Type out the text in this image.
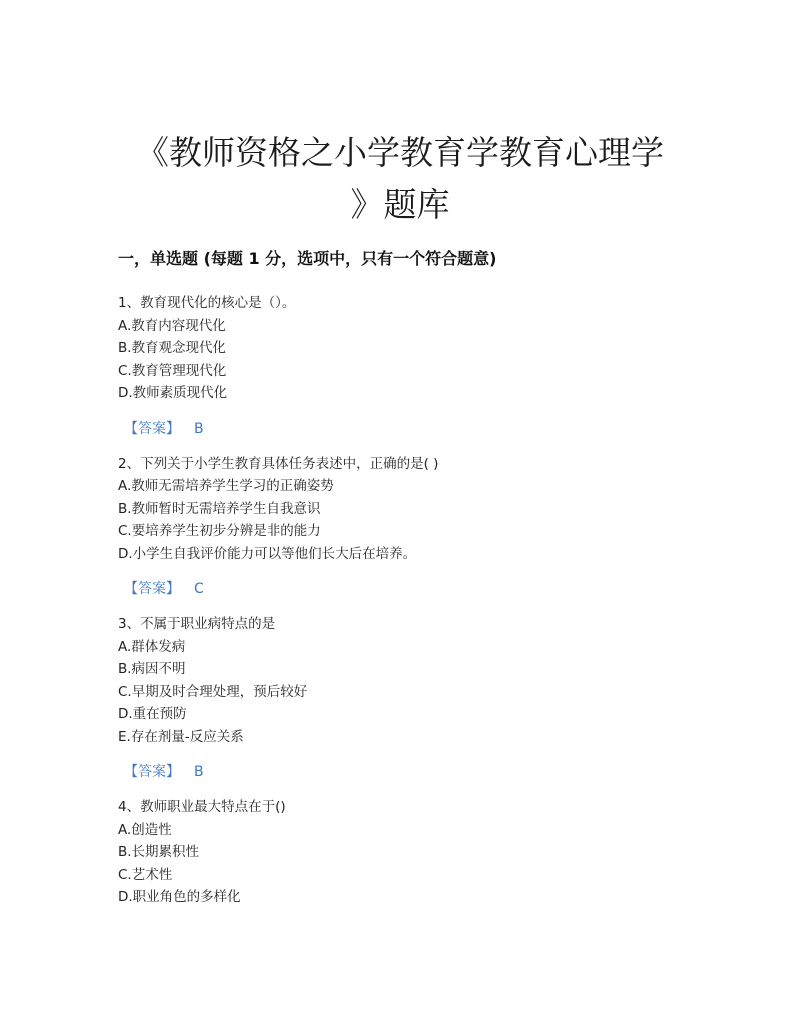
《教师资格之小学教育学教育心理学
》题库
一，单选题 (每题 1 分，选项中，只有一个符合题意)
1、教育现代化的核心是（）。
A.教育内容现代化
B.教育观念现代化
C.教育管理现代化
D.教师素质现代化
【答案】 B
2、下列关于小学生教育具体任务表述中，正确的是( )
A.教师无需培养学生学习的正确姿势
B.教师暂时无需培养学生自我意识
C.要培养学生初步分辨是非的能力
D.小学生自我评价能力可以等他们长大后在培养。
【答案】 C
3、不属于职业病特点的是
A.群体发病
B.病因不明
C.早期及时合理处理，预后较好
D.重在预防
E.存在剂量-反应关系
【答案】 B
4、教师职业最大特点在于()
A.创造性
B.长期累积性
C.艺术性
D.职业角色的多样化
